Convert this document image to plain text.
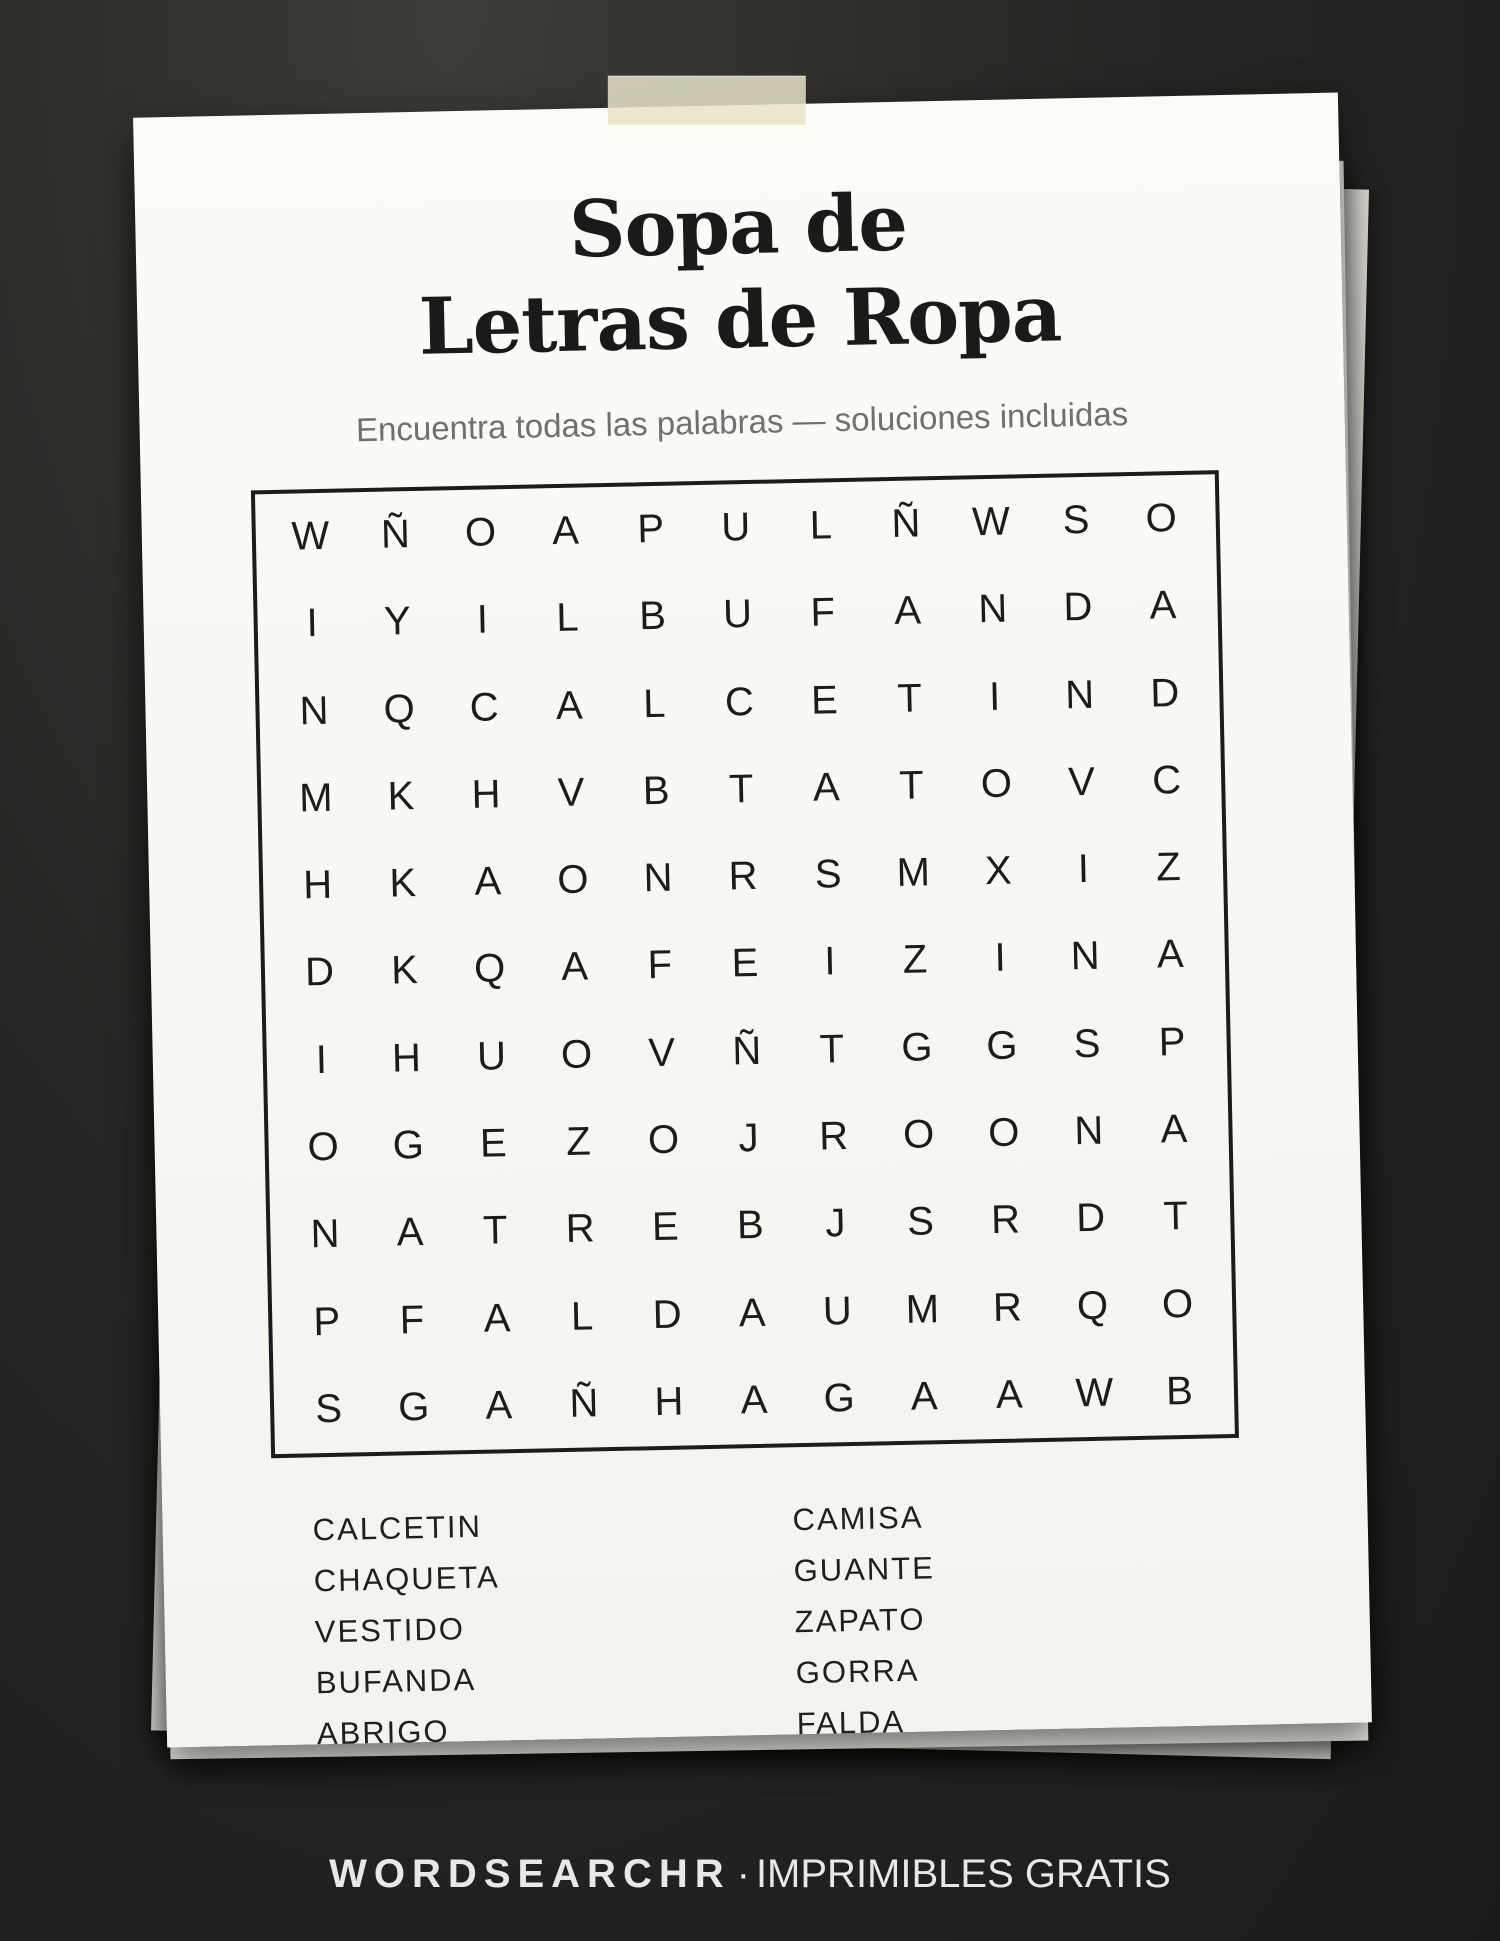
Sopa de
Letras de Ropa
Encuentra todas las palabras — soluciones incluidas
W	Ñ	O	A	P	U	L	Ñ	W	S	O
I	Y	I	L	B	U	F	A	N	D	A
N	Q	C	A	L	C	E	T	I	N	D
M	K	H	V	B	T	A	T	O	V	C
H	K	A	O	N	R	S	M	X	I	Z
D	K	Q	A	F	E	I	Z	I	N	A
I	H	U	O	V	Ñ	T	G	G	S	P
O	G	E	Z	O	J	R	O	O	N	A
N	A	T	R	E	B	J	S	R	D	T
P	F	A	L	D	A	U	M	R	Q	O
S	G	A	Ñ	H	A	G	A	A	W	B
CALCETIN
CHAQUETA
VESTIDO
BUFANDA
ABRIGO
CAMISA
GUANTE
ZAPATO
GORRA
FALDA
WORDSEARCHR · IMPRIMIBLES GRATIS
